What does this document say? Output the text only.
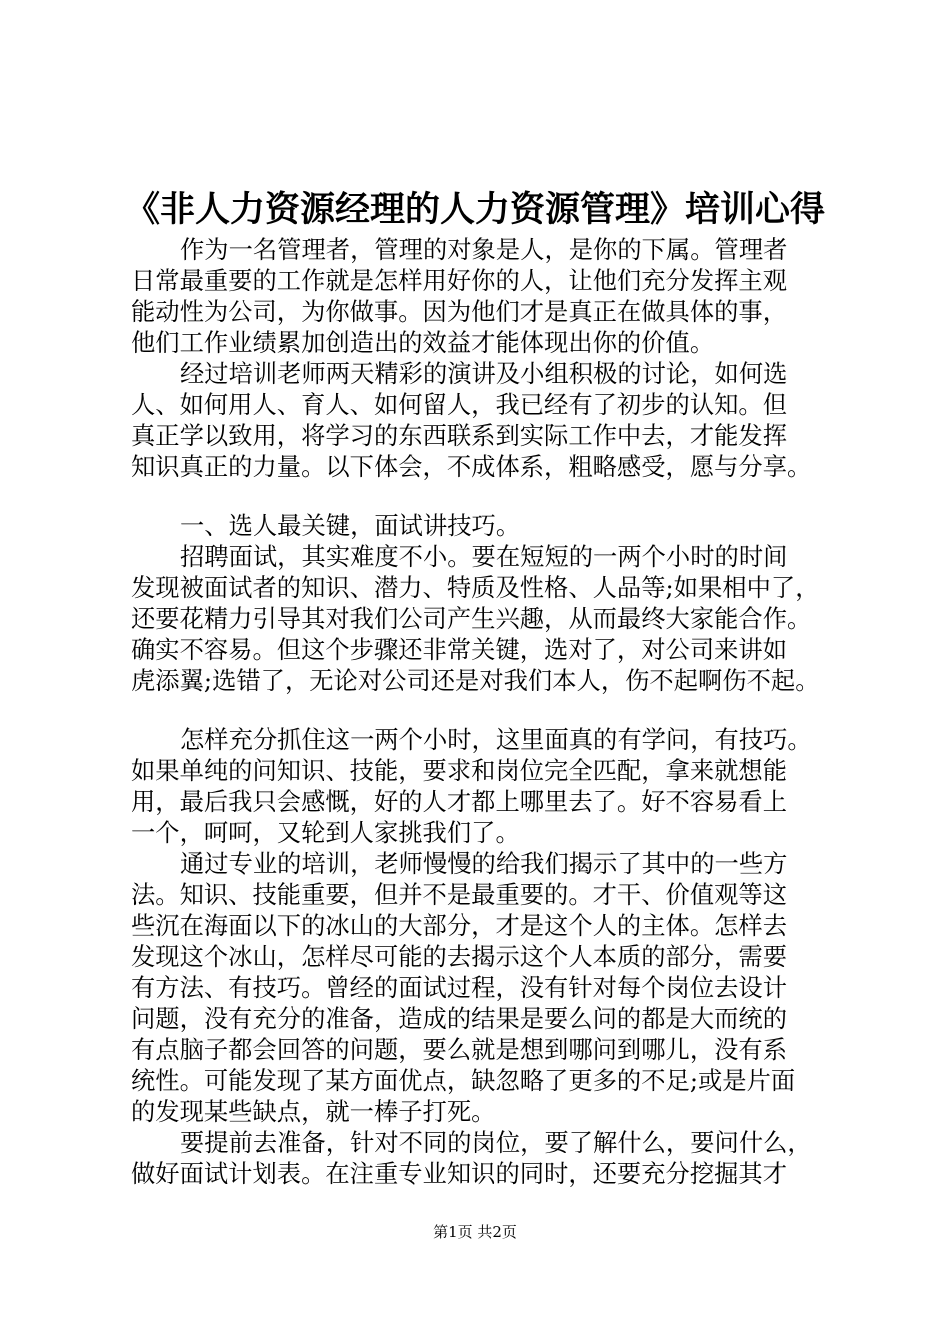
《非人力资源经理的人力资源管理》培训心得
作为一名管理者，管理的对象是人，是你的下属。管理者
日常最重要的工作就是怎样用好你的人，让他们充分发挥主观
能动性为公司，为你做事。因为他们才是真正在做具体的事，
他们工作业绩累加创造出的效益才能体现出你的价值。
经过培训老师两天精彩的演讲及小组积极的讨论，如何选
人、如何用人、育人、如何留人，我已经有了初步的认知。但
真正学以致用，将学习的东西联系到实际工作中去，才能发挥
知识真正的力量。以下体会，不成体系，粗略感受，愿与分享。
一、选人最关键，面试讲技巧。
招聘面试，其实难度不小。要在短短的一两个小时的时间
发现被面试者的知识、潜力、特质及性格、人品等;如果相中了，
还要花精力引导其对我们公司产生兴趣，从而最终大家能合作。
确实不容易。但这个步骤还非常关键，选对了，对公司来讲如
虎添翼;选错了，无论对公司还是对我们本人，伤不起啊伤不起。
怎样充分抓住这一两个小时，这里面真的有学问，有技巧。
如果单纯的问知识、技能，要求和岗位完全匹配，拿来就想能
用，最后我只会感慨，好的人才都上哪里去了。好不容易看上
一个，呵呵，又轮到人家挑我们了。
通过专业的培训，老师慢慢的给我们揭示了其中的一些方
法。知识、技能重要，但并不是最重要的。才干、价值观等这
些沉在海面以下的冰山的大部分，才是这个人的主体。怎样去
发现这个冰山，怎样尽可能的去揭示这个人本质的部分，需要
有方法、有技巧。曾经的面试过程，没有针对每个岗位去设计
问题，没有充分的准备，造成的结果是要么问的都是大而统的
有点脑子都会回答的问题，要么就是想到哪问到哪儿，没有系
统性。可能发现了某方面优点，缺忽略了更多的不足;或是片面
的发现某些缺点，就一棒子打死。
要提前去准备，针对不同的岗位，要了解什么，要问什么，
做好面试计划表。在注重专业知识的同时，还要充分挖掘其才
第1页 共2页
